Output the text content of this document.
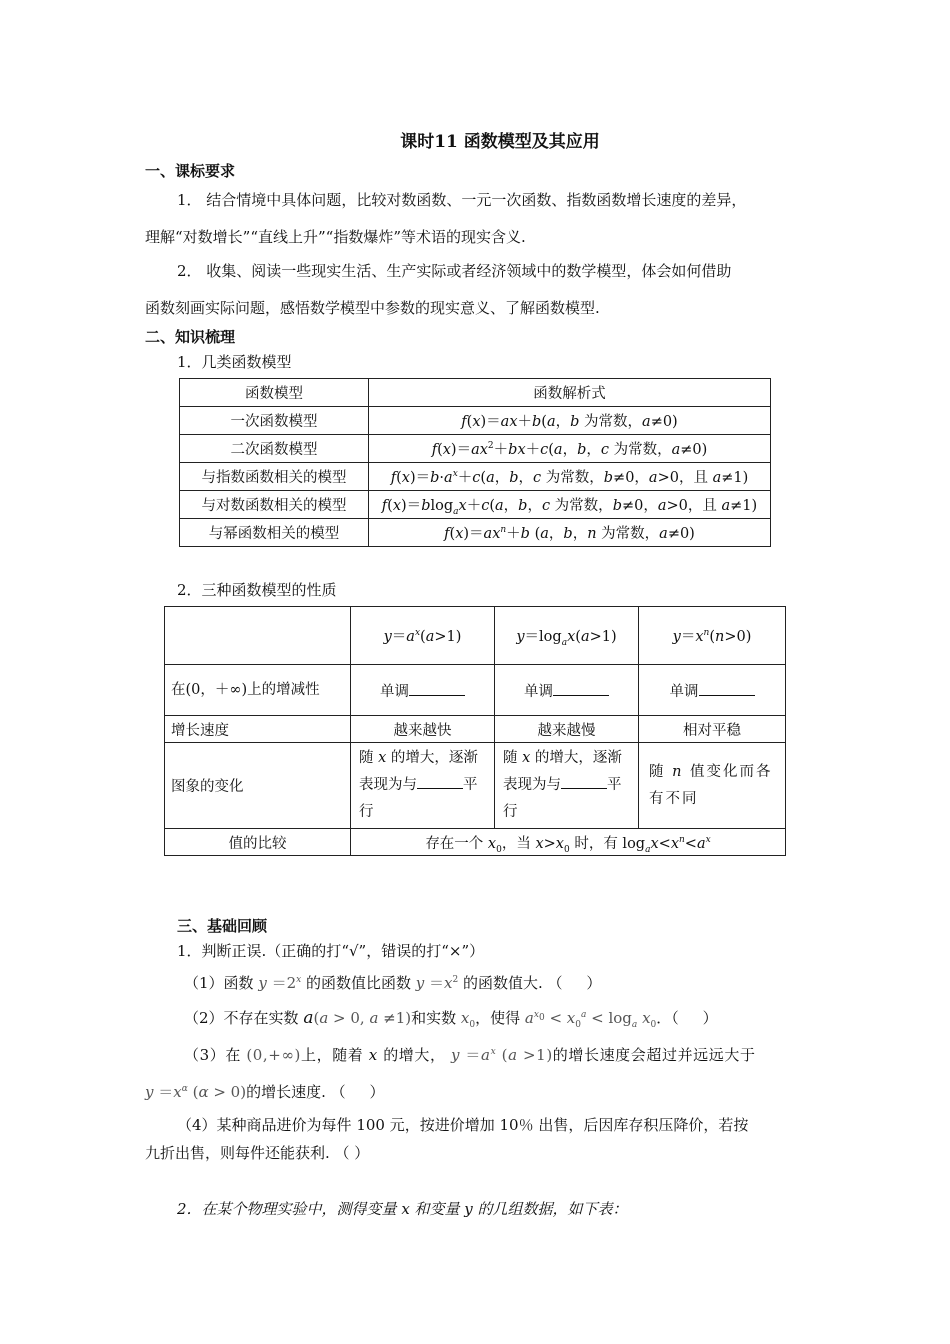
课时11 函数模型及其应用
一、课标要求
1． 结合情境中具体问题，比较对数函数、一元一次函数、指数函数增长速度的差异，
理解“对数增长”“直线上升”“指数爆炸”等术语的现实含义.
2． 收集、阅读一些现实生活、生产实际或者经济领域中的数学模型，体会如何借助
函数刻画实际问题，感悟数学模型中参数的现实意义、了解函数模型.
二、知识梳理
1．几类函数模型
函数模型	函数解析式
一次函数模型	f(x)＝ax＋b(a，b 为常数，a≠0)
二次函数模型	$f(x)=ax^2+bx+c(a$，b，c 为常数，a≠0)
与指数函数相关的模型	$f(x)=b\cdot a^x+c(a$，b，c 为常数，b≠0，a>0，且 a≠1)
与对数函数相关的模型	f(x)＝blog$_a$x＋c(a，b，c 为常数，b≠0，a>0，且 a≠1)
与幂函数相关的模型	$f(x)=ax^n+b$ (a，b，n 为常数，a≠0)
2．三种函数模型的性质
	$y=a^x(a>1)$	$y=\log_ax(a>1)$	$y=x^n(n>0)$
在(0，＋∞)上的增减性	单调	单调	单调
增长速度	越来越快	越来越慢	相对平稳
图象的变化	随 x 的增大，逐渐表现为与 平行	随 x 的增大，逐渐表现为与 平行	随 n 值变化而各有不同
值的比较	存在一个 $x_0$，当 $x>x_0$ 时，有 $\log_ax<x^n<a^x$
三、基础回顾
1．判断正误.（正确的打“√”，错误的打“×”）
（1）函数 $y =2^x$ 的函数值比函数 $y =x^2$ 的函数值大. （     ）
（2）不存在实数 a(a > 0, a ≠1)和实数 $x_0$，使得 $a^{x_0} < x_0^a < \log_a x_0$．（     ）
（3）在 (0,+∞)上，随着 x 的增大， $y =a^x$ (a >1)的增长速度会超过并远远大于
$y =x^\alpha$ (α > 0)的增长速度. （     ）
（4）某种商品进价为每件 100 元，按进价增加 10％ 出售，后因库存积压降价，若按
九折出售，则每件还能获利. （ ）
2．在某个物理实验中，测得变量 x 和变量 y 的几组数据，如下表：
